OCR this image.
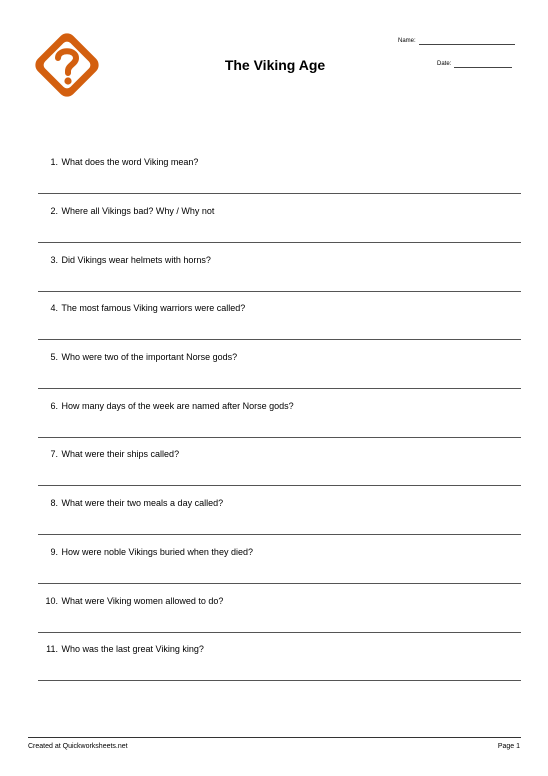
The Viking Age
Name:
Date:
1. What does the word Viking mean?
2. Where all Vikings bad? Why / Why not
3. Did Vikings wear helmets with horns?
4. The most famous Viking warriors were called?
5. Who were two of the important Norse gods?
6. How many days of the week are named after Norse gods?
7. What were their ships called?
8. What were their two meals a day called?
9. How were noble Vikings buried when they died?
10. What were Viking women allowed to do?
11. Who was the last great Viking king?
Created at Quickworksheets.net	Page 1
